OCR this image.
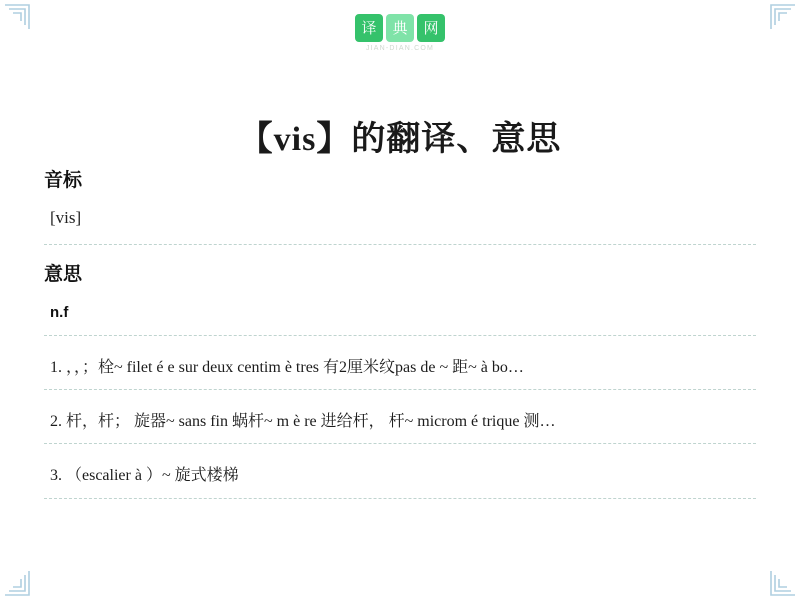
译	典	网
JIAN-DIAN.COM
【vis】的翻译、意思
音标
[vis]
意思
n.f
1. ，，；栓~ filet é e sur deux centim è tres 有2厘米纹pas de ~ 距~ à bo…
2. 杆，杆； 旋器~ sans fin 蜗杆~ m è re 进给杆， 杆~ microm é trique 测…
3. （escalier à ）~ 旋式楼梯
